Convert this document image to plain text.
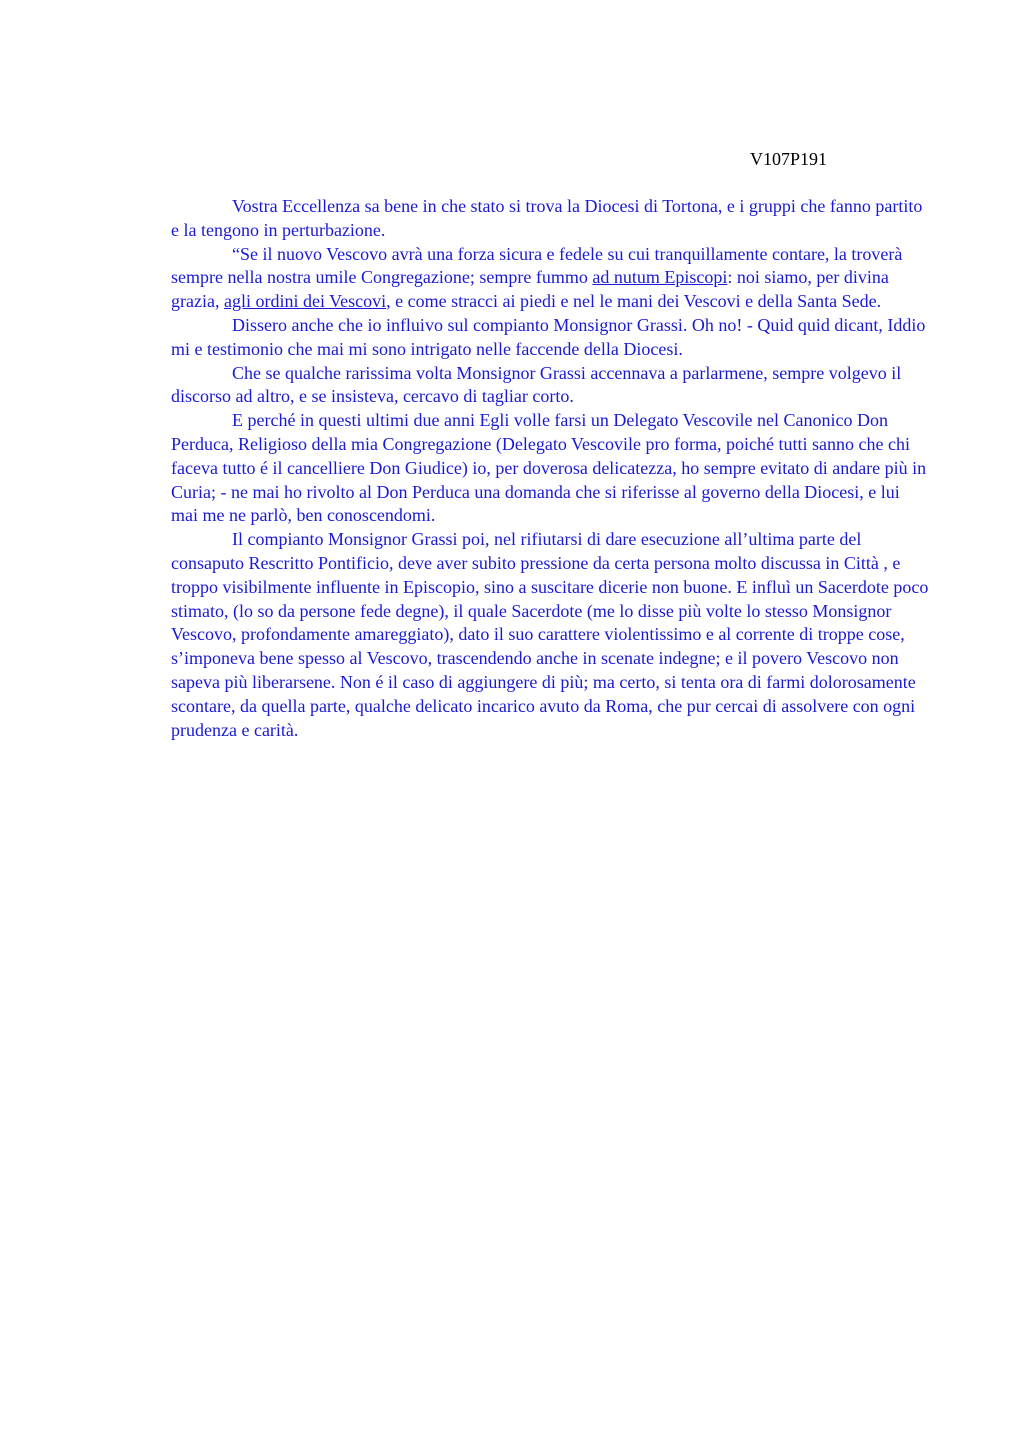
V107P191

Vostra Eccellenza sa bene in che stato si trova la Diocesi di Tortona, e i gruppi che fanno partito e la tengono in perturbazione.

“Se il nuovo Vescovo avrà una forza sicura e fedele su cui tranquillamente contare, la troverà sempre nella nostra umile Congregazione; sempre fummo ad nutum Episcopi: noi siamo, per divina grazia, agli ordini dei Vescovi, e come stracci ai piedi e nel le mani dei Vescovi e della Santa Sede.

Dissero anche che io influivo sul compianto Monsignor Grassi. Oh no! - Quid quid dicant, Iddio mi e testimonio che mai mi sono intrigato nelle faccende della Diocesi.

Che se qualche rarissima volta Monsignor Grassi accennava a parlarmene, sempre volgevo il discorso ad altro, e se insisteva, cercavo di tagliar corto.

E perché in questi ultimi due anni Egli volle farsi un Delegato Vescovile nel Canonico Don Perduca, Religioso della mia Congregazione (Delegato Vescovile pro forma, poiché tutti sanno che chi faceva tutto é il cancelliere Don Giudice) io, per doverosa delicatezza, ho sempre evitato di andare più in Curia; - ne mai ho rivolto al Don Perduca una domanda che si riferisse al governo della Diocesi, e lui mai me ne parlò, ben conoscendomi.

Il compianto Monsignor Grassi poi, nel rifiutarsi di dare esecuzione all’ultima parte del consaputo Rescritto Pontificio, deve aver subito pressione da certa persona molto discussa in Città , e troppo visibilmente influente in Episcopio, sino a suscitare dicerie non buone. E influì un Sacerdote poco stimato, (lo so da persone fede degne), il quale Sacerdote (me lo disse più volte lo stesso Monsignor Vescovo, profondamente amareggiato), dato il suo carattere violentissimo e al corrente di troppe cose, s’imponeva bene spesso al Vescovo, trascendendo anche in scenate indegne; e il povero Vescovo non sapeva più liberarsene. Non é il caso di aggiungere di più; ma certo, si tenta ora di farmi dolorosamente scontare, da quella parte, qualche delicato incarico avuto da Roma, che pur cercai di assolvere con ogni prudenza e carità.
